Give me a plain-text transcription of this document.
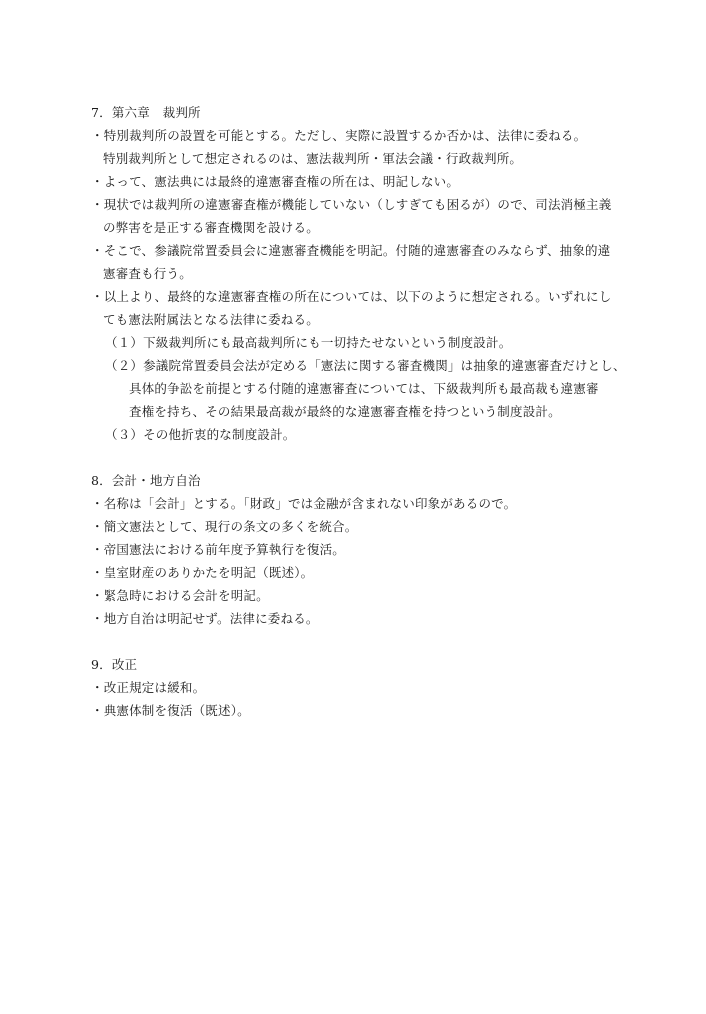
7．第六章　裁判所
・特別裁判所の設置を可能とする。ただし、実際に設置するか否かは、法律に委ねる。
特別裁判所として想定されるのは、憲法裁判所・軍法会議・行政裁判所。
・よって、憲法典には最終的違憲審査権の所在は、明記しない。
・現状では裁判所の違憲審査権が機能していない（しすぎても困るが）ので、司法消極主義
の弊害を是正する審査機関を設ける。
・そこで、参議院常置委員会に違憲審査機能を明記。付随的違憲審査のみならず、抽象的違
憲審査も行う。
・以上より、最終的な違憲審査権の所在については、以下のように想定される。いずれにし
ても憲法附属法となる法律に委ねる。
（１）下級裁判所にも最高裁判所にも一切持たせないという制度設計。
（２）参議院常置委員会法が定める「憲法に関する審査機関」は抽象的違憲審査だけとし、
具体的争訟を前提とする付随的違憲審査については、下級裁判所も最高裁も違憲審
査権を持ち、その結果最高裁が最終的な違憲審査権を持つという制度設計。
（３）その他折衷的な制度設計。
8．会計・地方自治
・名称は「会計」とする。「財政」では金融が含まれない印象があるので。
・簡文憲法として、現行の条文の多くを統合。
・帝国憲法における前年度予算執行を復活。
・皇室財産のありかたを明記（既述）。
・緊急時における会計を明記。
・地方自治は明記せず。法律に委ねる。
9．改正
・改正規定は緩和。
・典憲体制を復活（既述）。
